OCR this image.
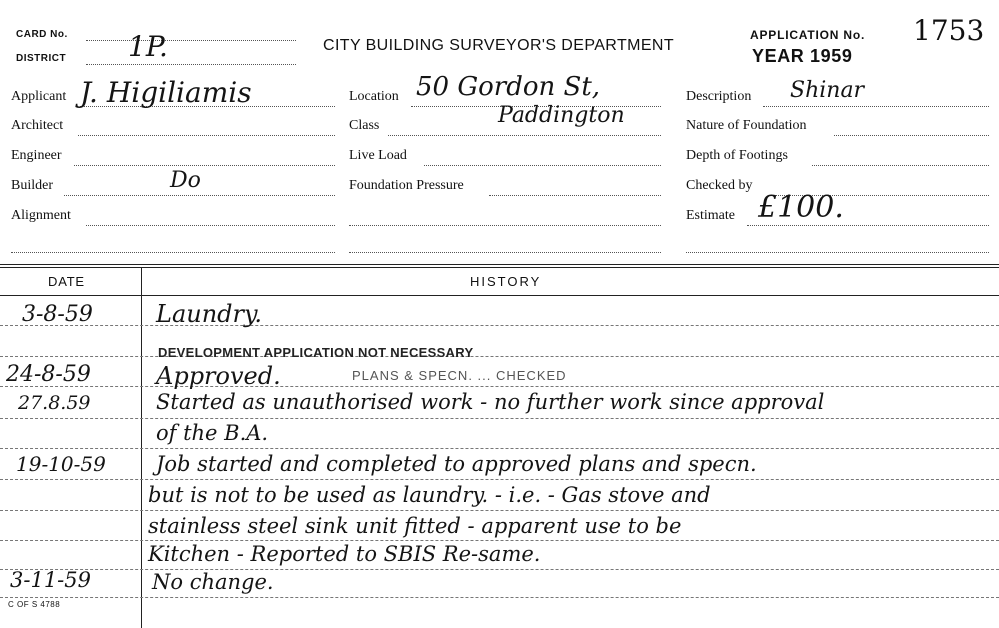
CARD No.
DISTRICT 1P.	CITY BUILDING SURVEYOR'S DEPARTMENT
APPLICATION No. 1753
YEAR 1959
Applicant J. Higiliamis
Architect
Engineer
Builder	Do
Alignment
Location 50 Gordon St,
Paddington
Class
Live Load
Foundation Pressure
Description Shinar
Nature of Foundation
Depth of Footings
Checked by
Estimate £100.
DATE	HISTORY
3-8-59	Laundry.
DEVELOPMENT APPLICATION NOT NECESSARY
24-8-59	Approved.	PLANS & SPECN. ... CHECKED
27.8.59	Started as unauthorised work - no further work since approval
of the B.A.
19-10-59 Job started and completed to approved plans and specn.
but is not to be used as laundry. - i.e. - Gas stove and
stainless steel sink unit fitted - apparent use to be
Kitchen - Reported to SBIS Re-same.
3-11-59	No change.
C OF S 4788
